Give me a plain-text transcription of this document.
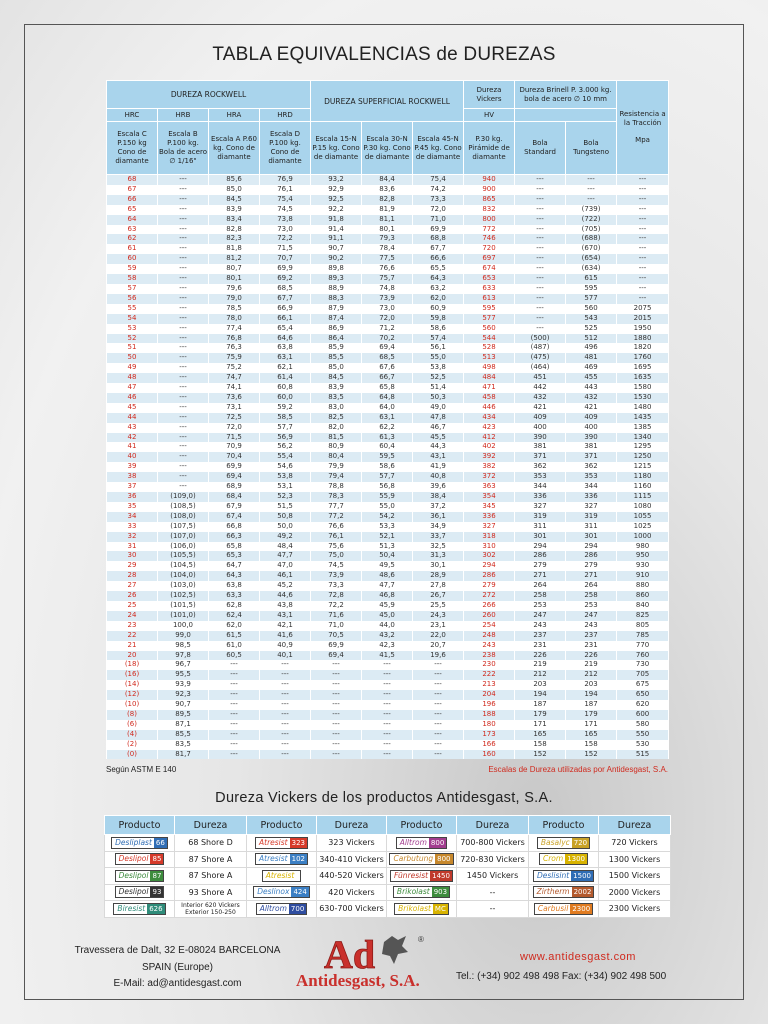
TABLA EQUIVALENCIAS de DUREZAS
DUREZA ROCKWELL				DUREZA SUPERFICIAL ROCKWELL			Dureza Vickers	Dureza Brinell P. 3.000 kg. bola de acero ∅ 10 mm		Resistencia a la Tracción
Mpa

HRC	HRB	HRA	HRD				HV			
Escala C P.150 kg Cono de diamante	Escala B P.100 kg. Bola de acero ∅ 1/16"	Escala A P.60 kg. Cono de diamante	Escala D P.100 kg. Cono de diamante	Escala 15-N P.15 kg. Cono de diamante	Escala 30-N P.30 kg. Cono de diamante	Escala 45-N P.45 kg. Cono de diamante	P.30 kg. Pirámide de diamante	Bola Standard	Bola Tungsteno	
68	---	85,6	76,9	93,2	84,4	75,4	940	---	---	---
67	---	85,0	76,1	92,9	83,6	74,2	900	---	---	---
66	---	84,5	75,4	92,5	82,8	73,3	865	---	---	---
65	---	83,9	74,5	92,2	81,9	72,0	832	---	(739)	---
64	---	83,4	73,8	91,8	81,1	71,0	800	---	(722)	---
63	---	82,8	73,0	91,4	80,1	69,9	772	---	(705)	---
62	---	82,3	72,2	91,1	79,3	68,8	746	---	(688)	---
61	---	81,8	71,5	90,7	78,4	67,7	720	---	(670)	---
60	---	81,2	70,7	90,2	77,5	66,6	697	---	(654)	---
59	---	80,7	69,9	89,8	76,6	65,5	674	---	(634)	---
58	---	80,1	69,2	89,3	75,7	64,3	653	---	615	---
57	---	79,6	68,5	88,9	74,8	63,2	633	---	595	---
56	---	79,0	67,7	88,3	73,9	62,0	613	---	577	---
55	---	78,5	66,9	87,9	73,0	60,9	595	---	560	2075
54	---	78,0	66,1	87,4	72,0	59,8	577	---	543	2015
53	---	77,4	65,4	86,9	71,2	58,6	560	---	525	1950
52	---	76,8	64,6	86,4	70,2	57,4	544	(500)	512	1880
51	---	76,3	63,8	85,9	69,4	56,1	528	(487)	496	1820
50	---	75,9	63,1	85,5	68,5	55,0	513	(475)	481	1760
49	---	75,2	62,1	85,0	67,6	53,8	498	(464)	469	1695
48	---	74,7	61,4	84,5	66,7	52,5	484	451	455	1635
47	---	74,1	60,8	83,9	65,8	51,4	471	442	443	1580
46	---	73,6	60,0	83,5	64,8	50,3	458	432	432	1530
45	---	73,1	59,2	83,0	64,0	49,0	446	421	421	1480
44	---	72,5	58,5	82,5	63,1	47,8	434	409	409	1435
43	---	72,0	57,7	82,0	62,2	46,7	423	400	400	1385
42	---	71,5	56,9	81,5	61,3	45,5	412	390	390	1340
41	---	70,9	56,2	80,9	60,4	44,3	402	381	381	1295
40	---	70,4	55,4	80,4	59,5	43,1	392	371	371	1250
39	---	69,9	54,6	79,9	58,6	41,9	382	362	362	1215
38	---	69,4	53,8	79,4	57,7	40,8	372	353	353	1180
37	---	68,9	53,1	78,8	56,8	39,6	363	344	344	1160
36	(109,0)	68,4	52,3	78,3	55,9	38,4	354	336	336	1115
35	(108,5)	67,9	51,5	77,7	55,0	37,2	345	327	327	1080
34	(108,0)	67,4	50,8	77,2	54,2	36,1	336	319	319	1055
33	(107,5)	66,8	50,0	76,6	53,3	34,9	327	311	311	1025
32	(107,0)	66,3	49,2	76,1	52,1	33,7	318	301	301	1000
31	(106,0)	65,8	48,4	75,6	51,3	32,5	310	294	294	980
30	(105,5)	65,3	47,7	75,0	50,4	31,3	302	286	286	950
29	(104,5)	64,7	47,0	74,5	49,5	30,1	294	279	279	930
28	(104,0)	64,3	46,1	73,9	48,6	28,9	286	271	271	910
27	(103,0)	63,8	45,2	73,3	47,7	27,8	279	264	264	880
26	(102,5)	63,3	44,6	72,8	46,8	26,7	272	258	258	860
25	(101,5)	62,8	43,8	72,2	45,9	25,5	266	253	253	840
24	(101,0)	62,4	43,1	71,6	45,0	24,3	260	247	247	825
23	100,0	62,0	42,1	71,0	44,0	23,1	254	243	243	805
22	99,0	61,5	41,6	70,5	43,2	22,0	248	237	237	785
21	98,5	61,0	40,9	69,9	42,3	20,7	243	231	231	770
20	97,8	60,5	40,1	69,4	41,5	19,6	238	226	226	760
(18)	96,7	---	---	---	---	---	230	219	219	730
(16)	95,5	---	---	---	---	---	222	212	212	705
(14)	93,9	---	---	---	---	---	213	203	203	675
(12)	92,3	---	---	---	---	---	204	194	194	650
(10)	90,7	---	---	---	---	---	196	187	187	620
(8)	89,5	---	---	---	---	---	188	179	179	600
(6)	87,1	---	---	---	---	---	180	171	171	580
(4)	85,5	---	---	---	---	---	173	165	165	550
(2)	83,5	---	---	---	---	---	166	158	158	530
(0)	81,7	---	---	---	---	---	160	152	152	515
Según ASTM E 140	Escalas de Dureza utilizadas por Antidesgast, S.A.
Dureza Vickers de los productos Antidesgast, S.A.
Producto	Dureza	Producto	Dureza	Producto	Dureza	Producto	Dureza
Desliplast 66	68 Shore D	Atresist 323	323 Vickers	Alltrom 800	700-800 Vickers	Basalyc 720	720 Vickers
Deslipol 85	87 Shore A	Atresist 102	340-410 Vickers	Carbutung 800	720-830 Vickers	Crom 1300	1300 Vickers
Deslipol 87	87 Shore A	Atresist	440-520 Vickers	Fünresist 1450	1450 Vickers	Deslisint 1500	1500 Vickers
Deslipol 93	93 Shore A	Deslinox 424	420 Vickers	Brikolast 903	--	Zirtherm 2002	2000 Vickers
Biresist 626	Interior 620 Vickers Exterior 150-250	Alltrom 700	630-700 Vickers	Brikolast MC	--	Carbusil 2300	2300 Vickers
Travessera de Dalt, 32 E-08024 BARCELONA
SPAIN (Europe)
E-Mail: ad@antidesgast.com
Ad	®
Antidesgast, S.A.
www.antidesgast.com
Tel.: (+34) 902 498 498 Fax: (+34) 902 498 500
